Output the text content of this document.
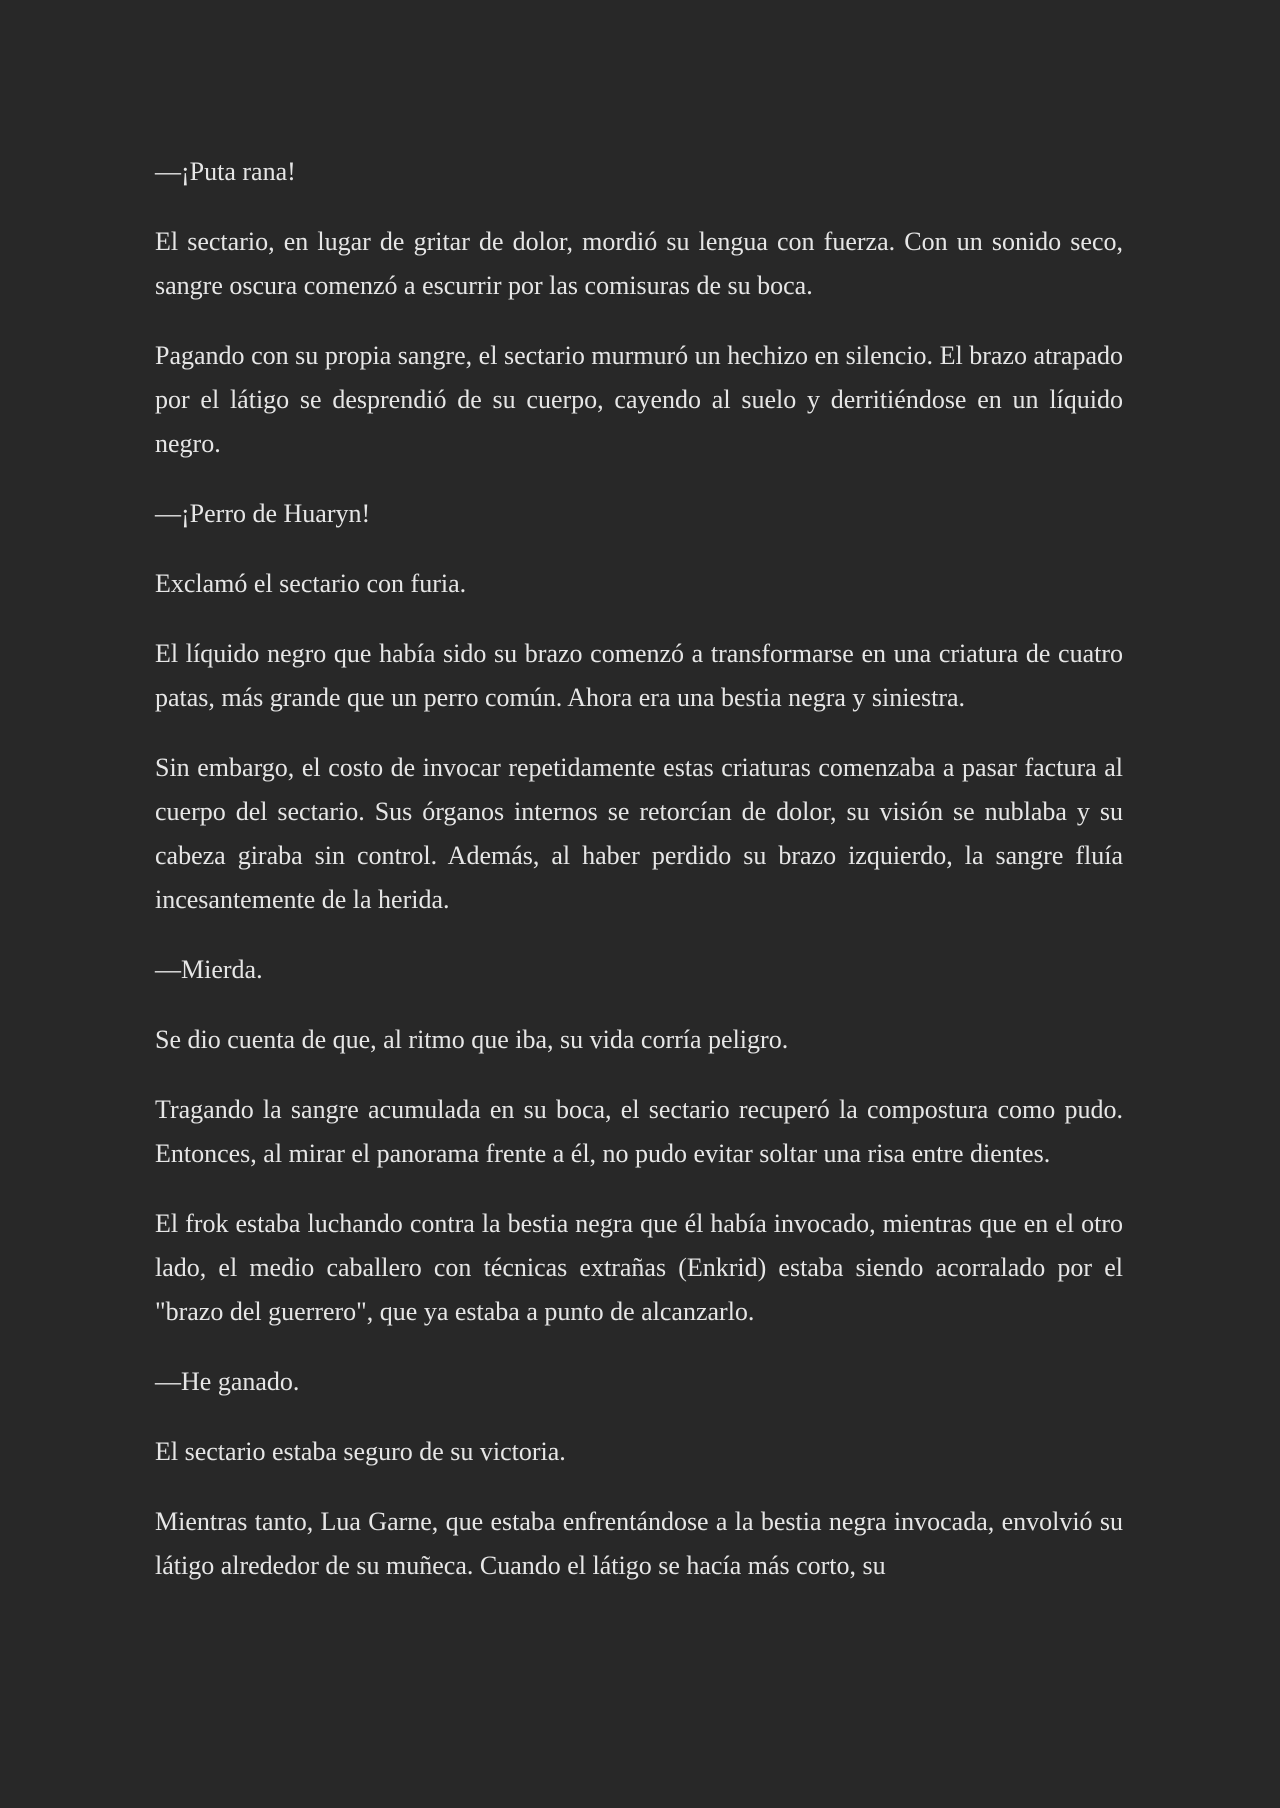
—¡Puta rana!

El sectario, en lugar de gritar de dolor, mordió su lengua con fuerza. Con un sonido seco, sangre oscura comenzó a escurrir por las comisuras de su boca.

Pagando con su propia sangre, el sectario murmuró un hechizo en silencio. El brazo atrapado por el látigo se desprendió de su cuerpo, cayendo al suelo y derritiéndose en un líquido negro.

—¡Perro de Huaryn!

Exclamó el sectario con furia.

El líquido negro que había sido su brazo comenzó a transformarse en una criatura de cuatro patas, más grande que un perro común. Ahora era una bestia negra y siniestra.

Sin embargo, el costo de invocar repetidamente estas criaturas comenzaba a pasar factura al cuerpo del sectario. Sus órganos internos se retorcían de dolor, su visión se nublaba y su cabeza giraba sin control. Además, al haber perdido su brazo izquierdo, la sangre fluía incesantemente de la herida.

—Mierda.

Se dio cuenta de que, al ritmo que iba, su vida corría peligro.

Tragando la sangre acumulada en su boca, el sectario recuperó la compostura como pudo. Entonces, al mirar el panorama frente a él, no pudo evitar soltar una risa entre dientes.

El frok estaba luchando contra la bestia negra que él había invocado, mientras que en el otro lado, el medio caballero con técnicas extrañas (Enkrid) estaba siendo acorralado por el "brazo del guerrero", que ya estaba a punto de alcanzarlo.

—He ganado.

El sectario estaba seguro de su victoria.

Mientras tanto, Lua Garne, que estaba enfrentándose a la bestia negra invocada, envolvió su látigo alrededor de su muñeca. Cuando el látigo se hacía más corto, su
